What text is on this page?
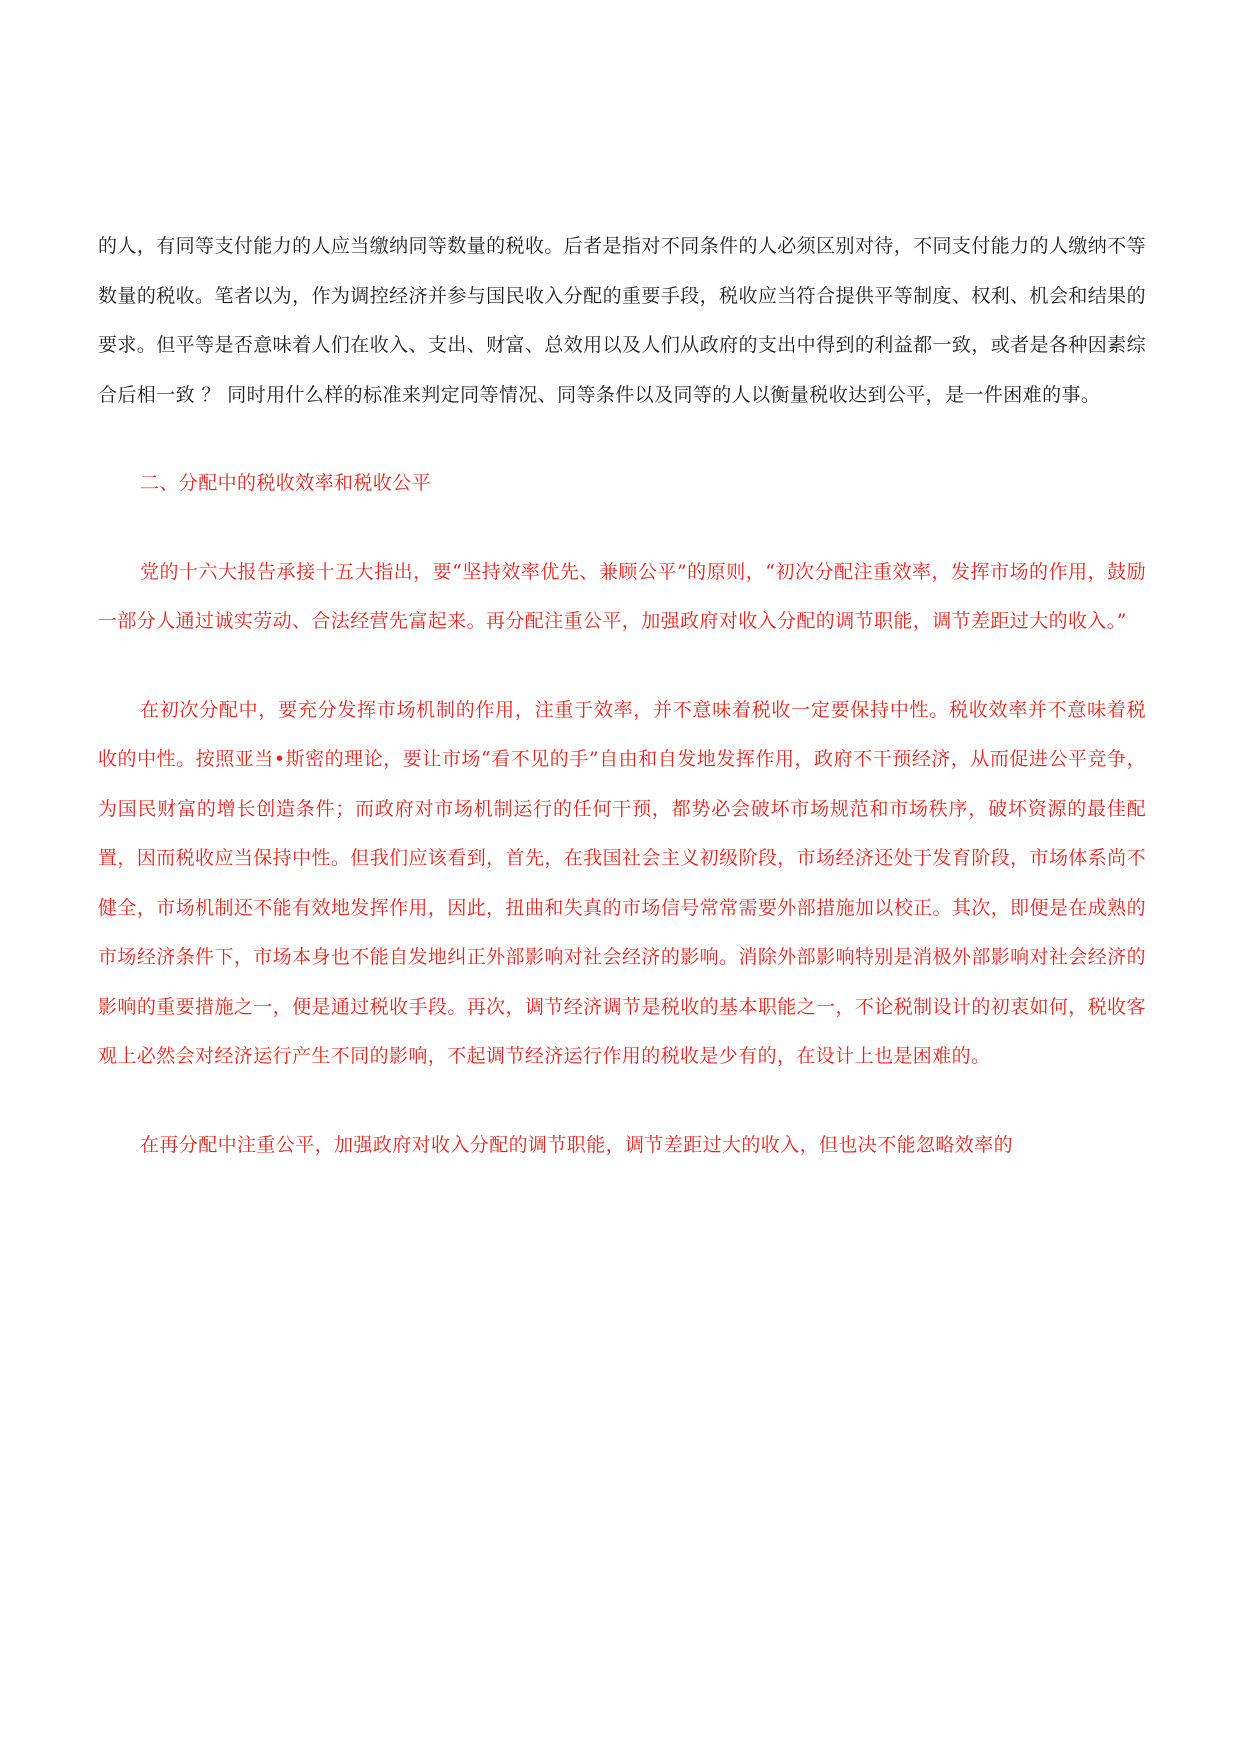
的人，有同等支付能力的人应当缴纳同等数量的税收。后者是指对不同条件的人必须区别对待，不同支付能力的人缴纳不等数量的税收。笔者以为，作为调控经济并参与国民收入分配的重要手段，税收应当符合提供平等制度、权利、机会和结果的要求。但平等是否意味着人们在收入、支出、财富、总效用以及人们从政府的支出中得到的利益都一致，或者是各种因素综合后相一致 ？ 同时用什么样的标准来判定同等情况、同等条件以及同等的人以衡量税收达到公平，是一件困难的事。

二、分配中的税收效率和税收公平

党的十六大报告承接十五大指出，要“坚持效率优先、兼顾公平”的原则，“初次分配注重效率，发挥市场的作用，鼓励一部分人通过诚实劳动、合法经营先富起来。再分配注重公平，加强政府对收入分配的调节职能，调节差距过大的收入。”

在初次分配中，要充分发挥市场机制的作用，注重于效率，并不意味着税收一定要保持中性。税收效率并不意味着税收的中性。按照亚当•斯密的理论，要让市场“看不见的手”自由和自发地发挥作用，政府不干预经济，从而促进公平竞争，为国民财富的增长创造条件；而政府对市场机制运行的任何干预，都势必会破坏市场规范和市场秩序，破坏资源的最佳配置，因而税收应当保持中性。但我们应该看到，首先，在我国社会主义初级阶段，市场经济还处于发育阶段，市场体系尚不健全，市场机制还不能有效地发挥作用，因此，扭曲和失真的市场信号常常需要外部措施加以校正。其次，即便是在成熟的市场经济条件下，市场本身也不能自发地纠正外部影响对社会经济的影响。消除外部影响特别是消极外部影响对社会经济的影响的重要措施之一，便是通过税收手段。再次，调节经济调节是税收的基本职能之一，不论税制设计的初衷如何，税收客观上必然会对经济运行产生不同的影响，不起调节经济运行作用的税收是少有的，在设计上也是困难的。

在再分配中注重公平，加强政府对收入分配的调节职能，调节差距过大的收入，但也决不能忽略效率的
